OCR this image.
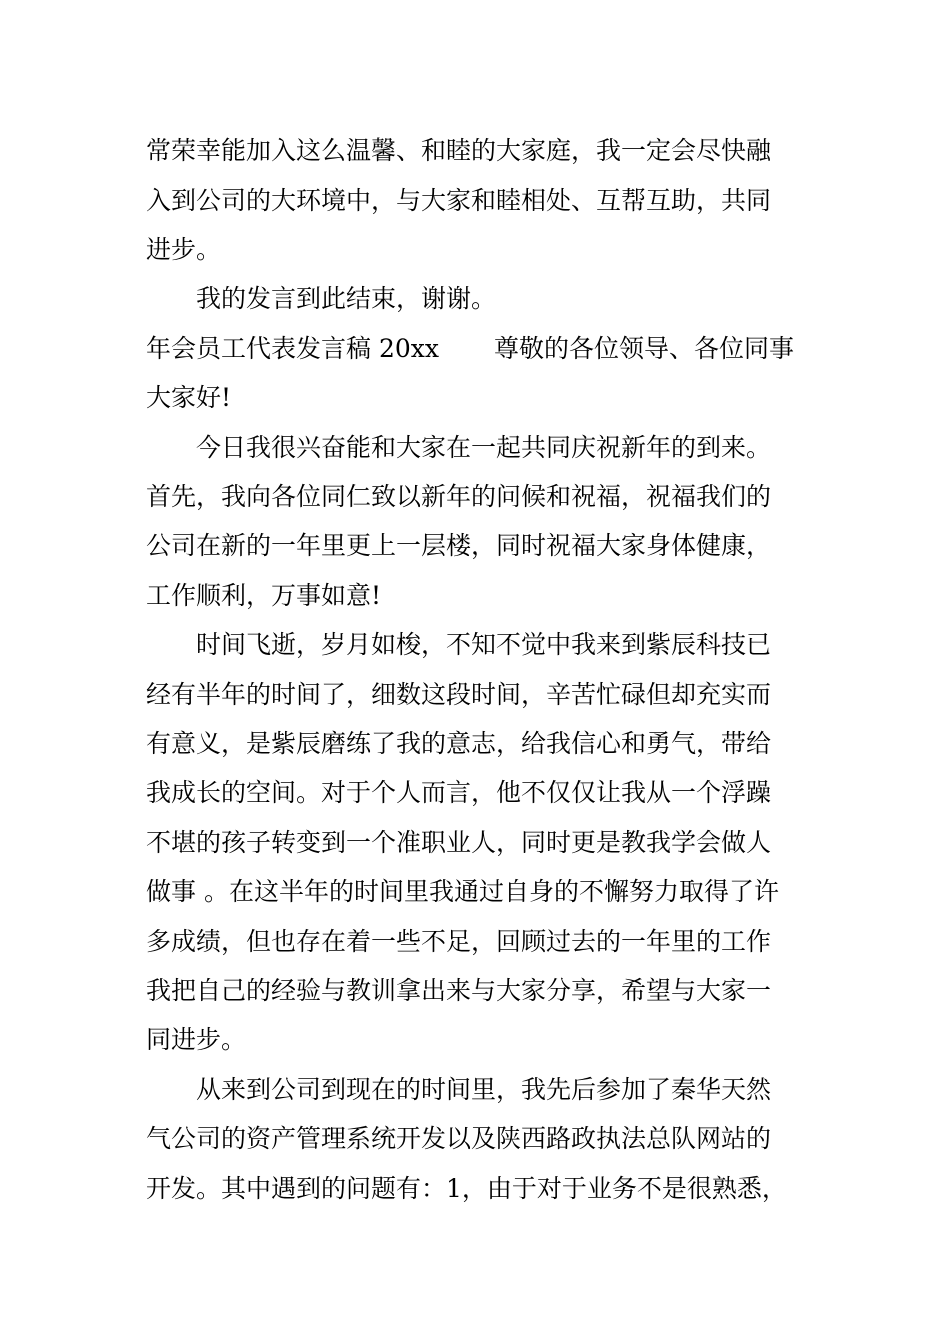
常荣幸能加入这么温馨、和睦的大家庭，我一定会尽快融
入到公司的大环境中，与大家和睦相处、互帮互助，共同
进步。
我的发言到此结束，谢谢。
年会员工代表发言稿 20xx 尊敬的各位领导、各位同事
大家好!
今日我很兴奋能和大家在一起共同庆祝新年的到来。
首先，我向各位同仁致以新年的问候和祝福，祝福我们的
公司在新的一年里更上一层楼，同时祝福大家身体健康，
工作顺利，万事如意!
时间飞逝，岁月如梭，不知不觉中我来到紫辰科技已
经有半年的时间了，细数这段时间，辛苦忙碌但却充实而
有意义，是紫辰磨练了我的意志，给我信心和勇气，带给
我成长的空间。对于个人而言，他不仅仅让我从一个浮躁
不堪的孩子转变到一个准职业人，同时更是教我学会做人
做事 。在这半年的时间里我通过自身的不懈努力取得了许
多成绩，但也存在着一些不足，回顾过去的一年里的工作
我把自己的经验与教训拿出来与大家分享，希望与大家一
同进步。
从来到公司到现在的时间里，我先后参加了秦华天然
气公司的资产管理系统开发以及陕西路政执法总队网站的
开发。其中遇到的问题有：1，由于对于业务不是很熟悉，
